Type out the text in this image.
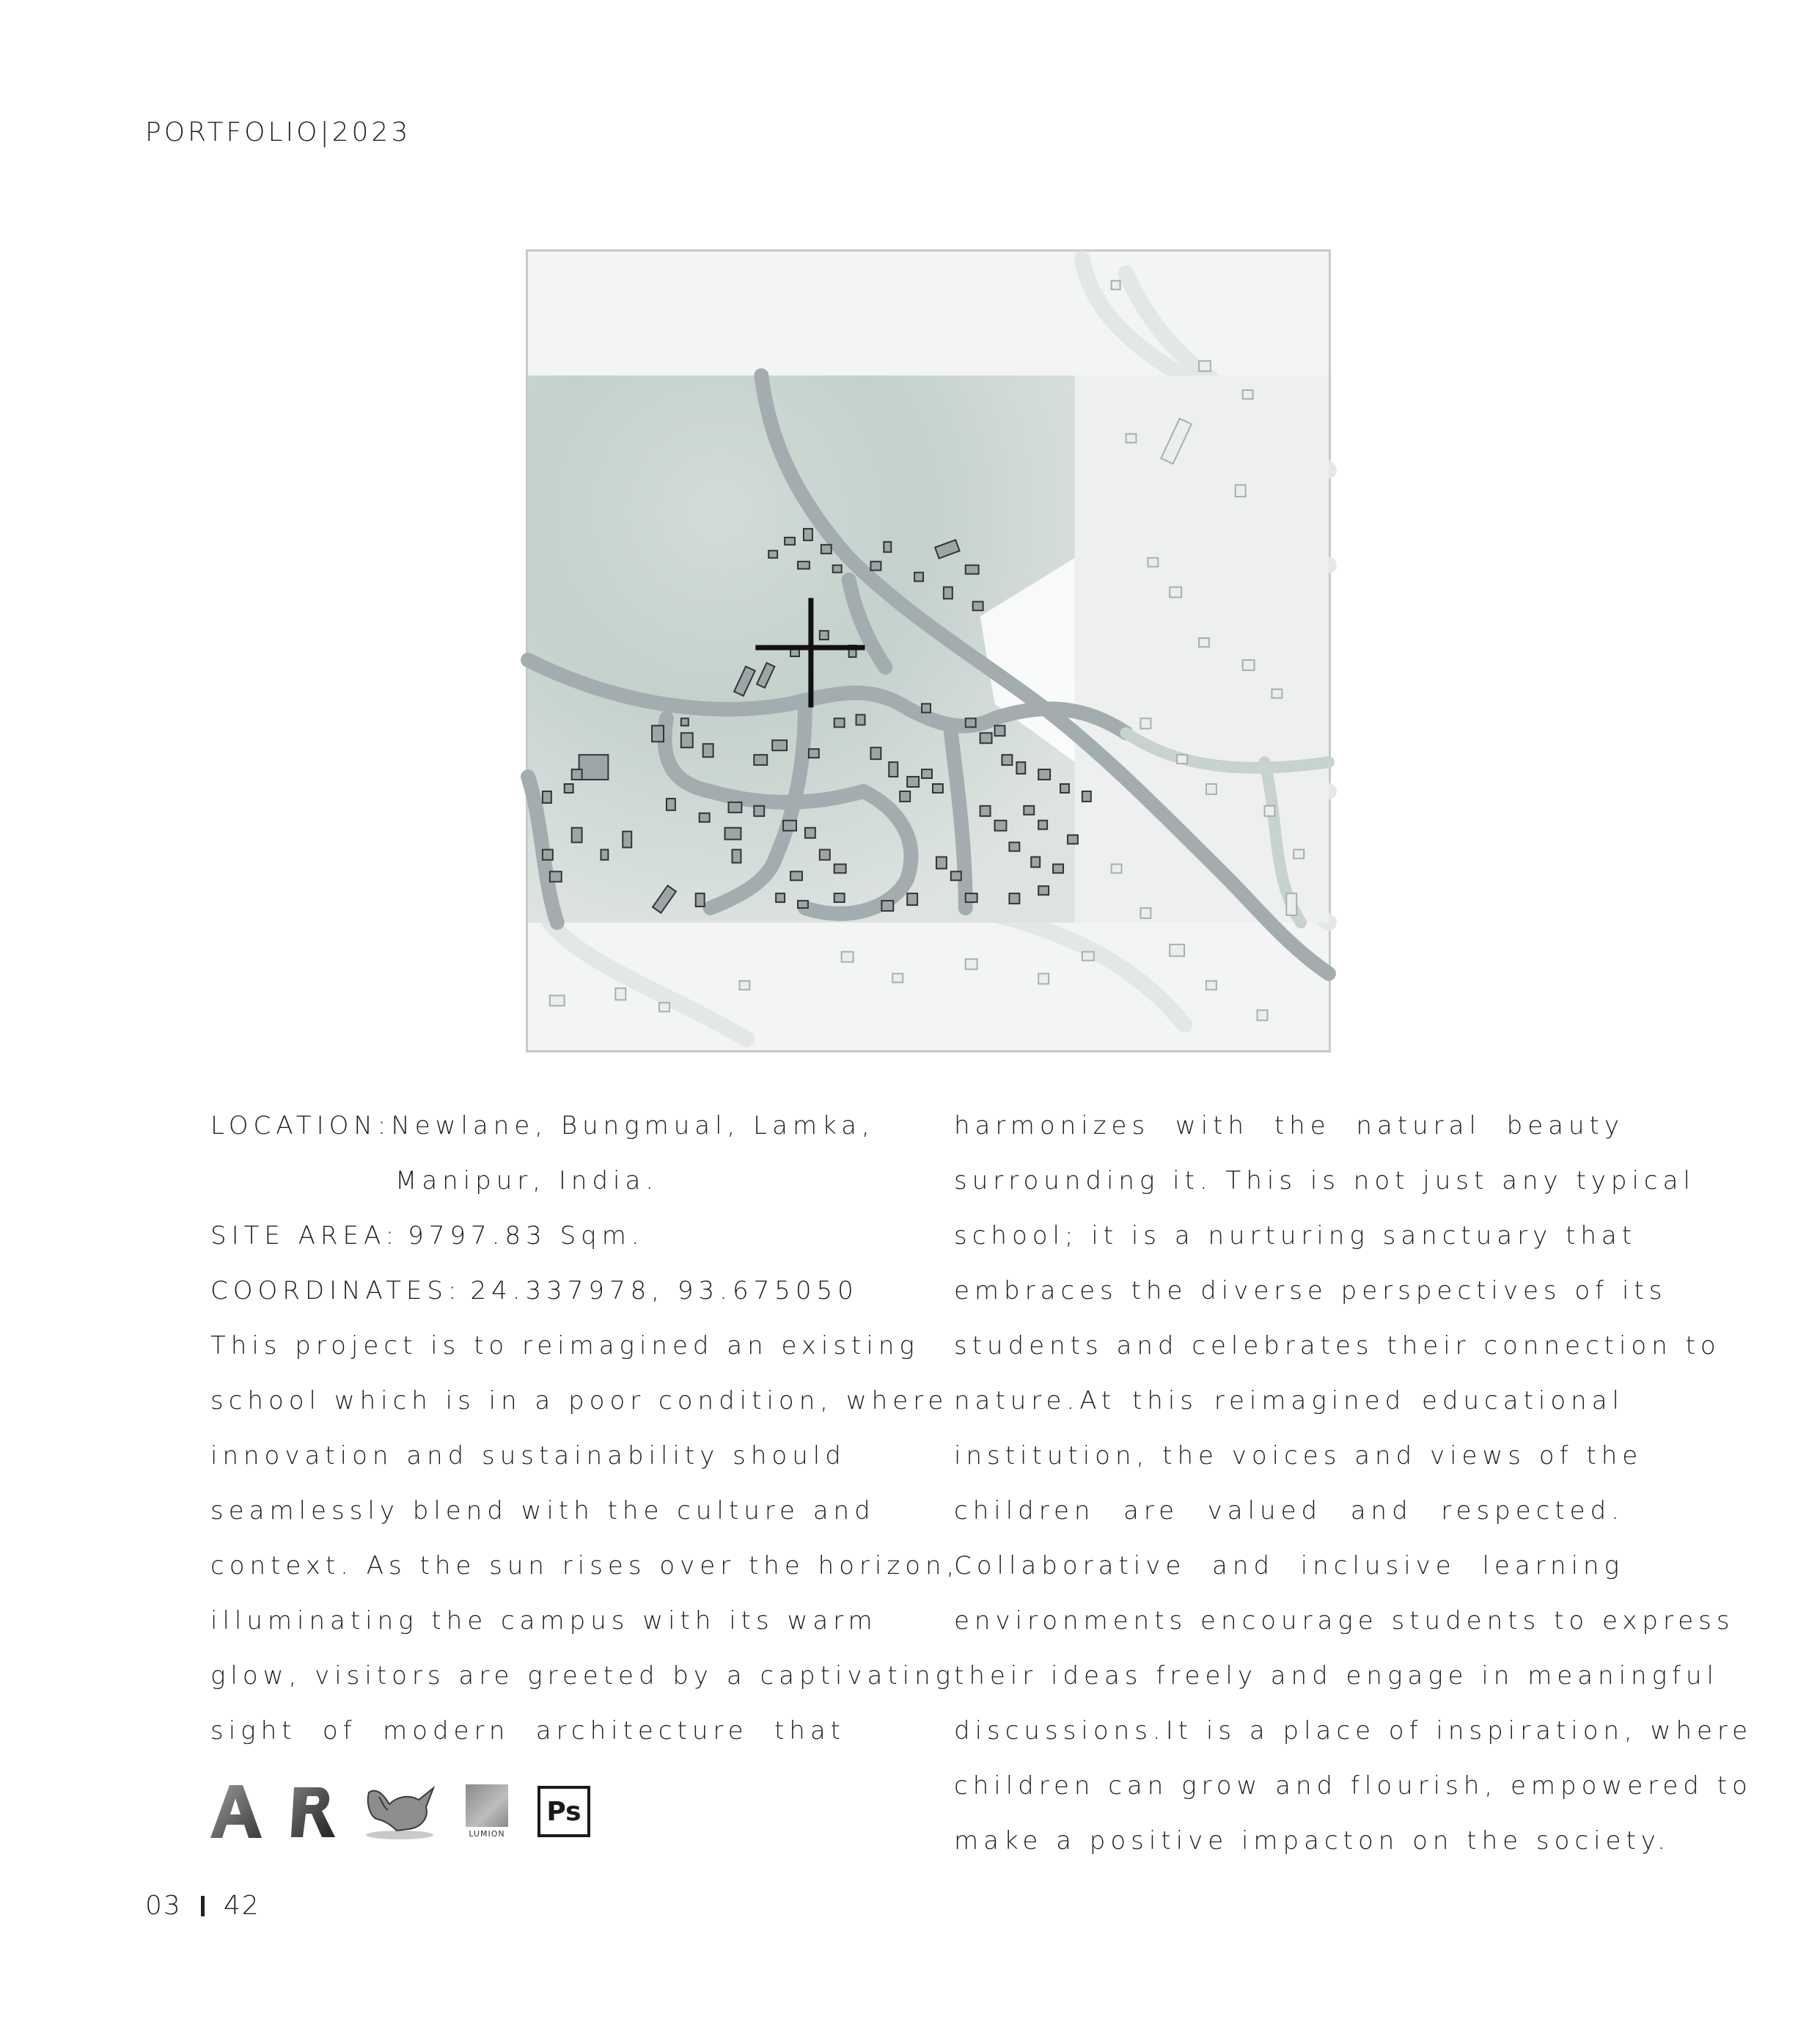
PORTFOLIO|2023
LOCATION: Newlane, Bungmual, Lamka,
Manipur, India.
SITE AREA: 9797.83 Sqm.
COORDINATES: 24.337978, 93.675050
This project is to reimagined an existing
school which is in a poor condition, where
innovation and sustainability should
seamlessly blend with the culture and
context. As the sun rises over the horizon,
illuminating the campus with its warm
glow, visitors are greeted by a captivating
sight of modern architecture that
harmonizes with the natural beauty
surrounding it. This is not just any typical
school; it is a nurturing sanctuary that
embraces the diverse perspectives of its
students and celebrates their connection to
nature.At this reimagined educational
institution, the voices and views of the
children are valued and respected.
Collaborative and inclusive learning
environments encourage students to express
their ideas freely and engage in meaningful
discussions.It is a place of inspiration, where
children can grow and flourish, empowered to
make a positive impacton on the society.
LUMION
Ps
03 42
